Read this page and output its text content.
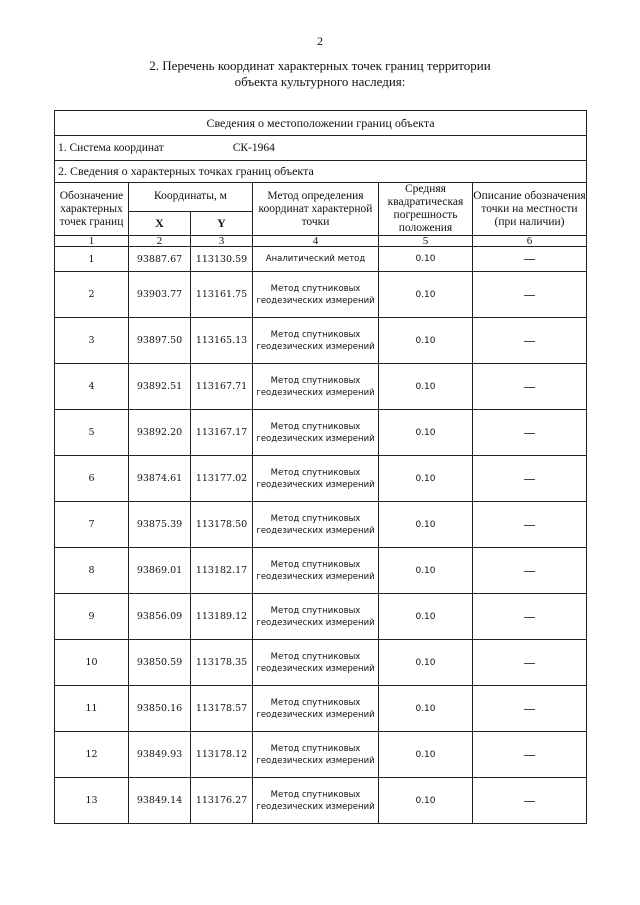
2
2. Перечень координат характерных точек границ территории
объекта культурного наследия:
Сведения о местоположении границ объекта					
1. Система координат СК-1964					
2. Сведения о характерных точках границ объекта					
Обозначение характерных точек границ	Координаты, м		Метод определения координат характерной точки	Средняя квадратическая погрешность положения	Описание обозначения точки на местности (при наличии)
	X	Y			
1	2	3	4	5	6
1	93887.67	113130.59	Аналитический метод	0.10	—
2	93903.77	113161.75	Метод спутниковых геодезических измерений	0.10	—
3	93897.50	113165.13	Метод спутниковых геодезических измерений	0.10	—
4	93892.51	113167.71	Метод спутниковых геодезических измерений	0.10	—
5	93892.20	113167.17	Метод спутниковых геодезических измерений	0.10	—
6	93874.61	113177.02	Метод спутниковых геодезических измерений	0.10	—
7	93875.39	113178.50	Метод спутниковых геодезических измерений	0.10	—
8	93869.01	113182.17	Метод спутниковых геодезических измерений	0.10	—
9	93856.09	113189.12	Метод спутниковых геодезических измерений	0.10	—
10	93850.59	113178.35	Метод спутниковых геодезических измерений	0.10	—
11	93850.16	113178.57	Метод спутниковых геодезических измерений	0.10	—
12	93849.93	113178.12	Метод спутниковых геодезических измерений	0.10	—
13	93849.14	113176.27	Метод спутниковых геодезических измерений	0.10	—
